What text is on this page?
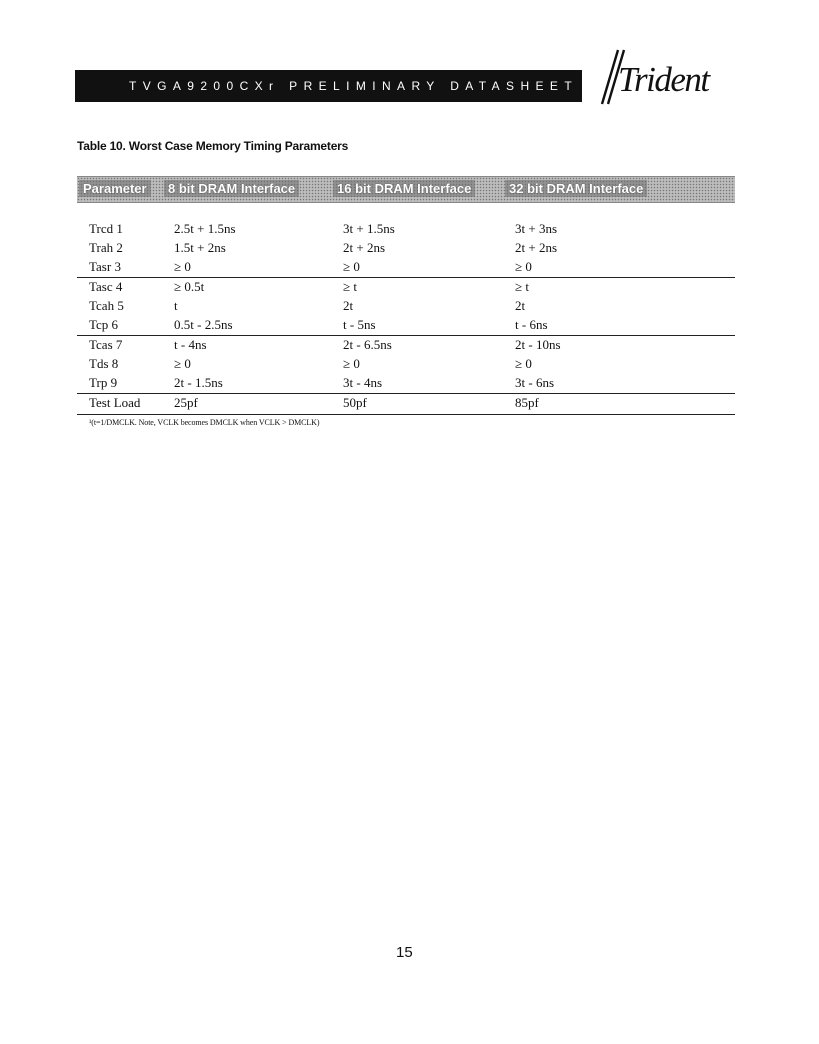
TVGA9200CXr PRELIMINARY DATASHEET Trident
Table 10. Worst Case Memory Timing Parameters
Parameter	8 bit DRAM Interface	16 bit DRAM Interface	32 bit DRAM Interface
Trcd 1	2.5t + 1.5ns	3t + 1.5ns	3t + 3ns
Trah 2	1.5t + 2ns	2t + 2ns	2t + 2ns
Tasr 3	≥ 0	≥ 0	≥ 0
Tasc 4	≥ 0.5t	≥ t	≥ t
Tcah 5	t	2t	2t
Tcp 6	0.5t - 2.5ns	t - 5ns	t - 6ns
Tcas 7	t - 4ns	2t - 6.5ns	2t - 10ns
Tds 8	≥ 0	≥ 0	≥ 0
Trp 9	2t - 1.5ns	3t - 4ns	3t - 6ns
Test Load	25pf	50pf	85pf
¹(t=1/DMCLK. Note, VCLK becomes DMCLK when VCLK > DMCLK)
15
